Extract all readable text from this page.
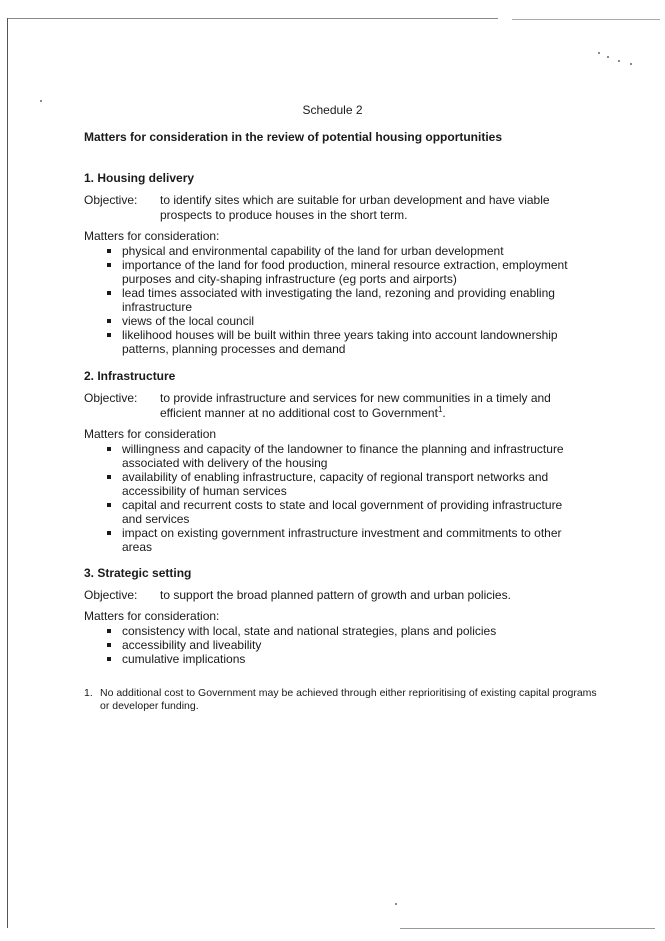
Schedule 2
Matters for consideration in the review of potential housing opportunities
1. Housing delivery
Objective:	to identify sites which are suitable for urban development and have viable prospects to produce houses in the short term.
Matters for consideration:
physical and environmental capability of the land for urban development
importance of the land for food production, mineral resource extraction, employment purposes and city-shaping infrastructure (eg ports and airports)
lead times associated with investigating the land, rezoning and providing enabling infrastructure
views of the local council
likelihood houses will be built within three years taking into account landownership patterns, planning processes and demand
2. Infrastructure
Objective:	to provide infrastructure and services for new communities in a timely and efficient manner at no additional cost to Government$^1$.
Matters for consideration
willingness and capacity of the landowner to finance the planning and infrastructure associated with delivery of the housing
availability of enabling infrastructure, capacity of regional transport networks and accessibility of human services
capital and recurrent costs to state and local government of providing infrastructure and services
impact on existing government infrastructure investment and commitments to other areas
3. Strategic setting
Objective:	to support the broad planned pattern of growth and urban policies.
Matters for consideration:
consistency with local, state and national strategies, plans and policies
accessibility and liveability
cumulative implications
1. No additional cost to Government may be achieved through either reprioritising of existing capital programs or developer funding.
